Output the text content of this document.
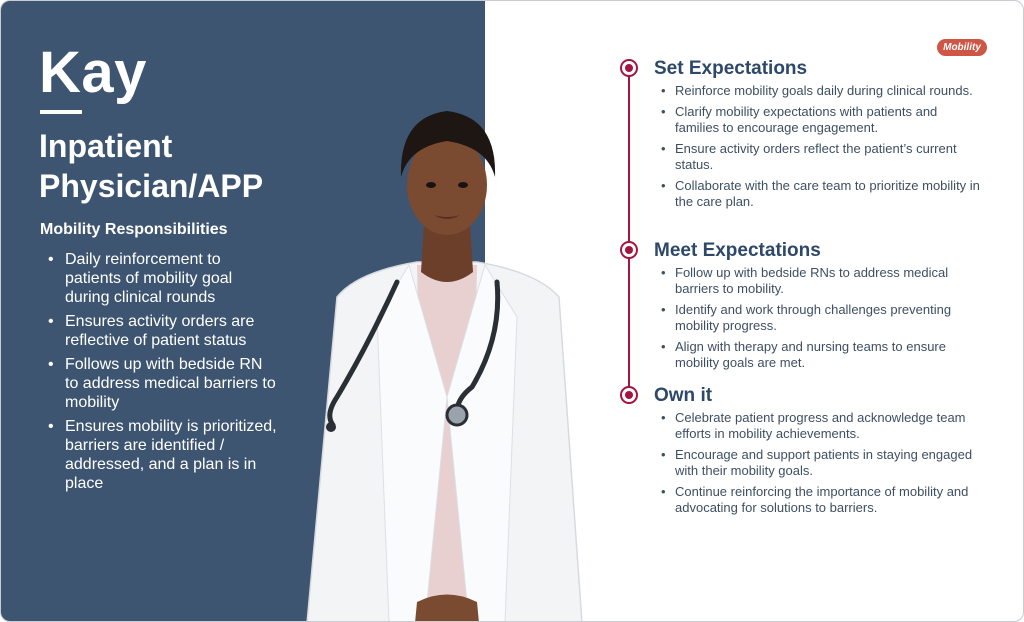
Kay
Inpatient Physician/APP
Mobility Responsibilities
• Daily reinforcement to patients of mobility goal during clinical rounds
• Ensures activity orders are reflective of patient status
• Follows up with bedside RN to address medical barriers to mobility
• Ensures mobility is prioritized, barriers are identified / addressed, and a plan is in place
Mobility
Set Expectations
• Reinforce mobility goals daily during clinical rounds.
• Clarify mobility expectations with patients and families to encourage engagement.
• Ensure activity orders reflect the patient’s current status.
• Collaborate with the care team to prioritize mobility in the care plan.
Meet Expectations
• Follow up with bedside RNs to address medical barriers to mobility.
• Identify and work through challenges preventing mobility progress.
• Align with therapy and nursing teams to ensure mobility goals are met.
Own it
• Celebrate patient progress and acknowledge team efforts in mobility achievements.
• Encourage and support patients in staying engaged with their mobility goals.
• Continue reinforcing the importance of mobility and advocating for solutions to barriers.
